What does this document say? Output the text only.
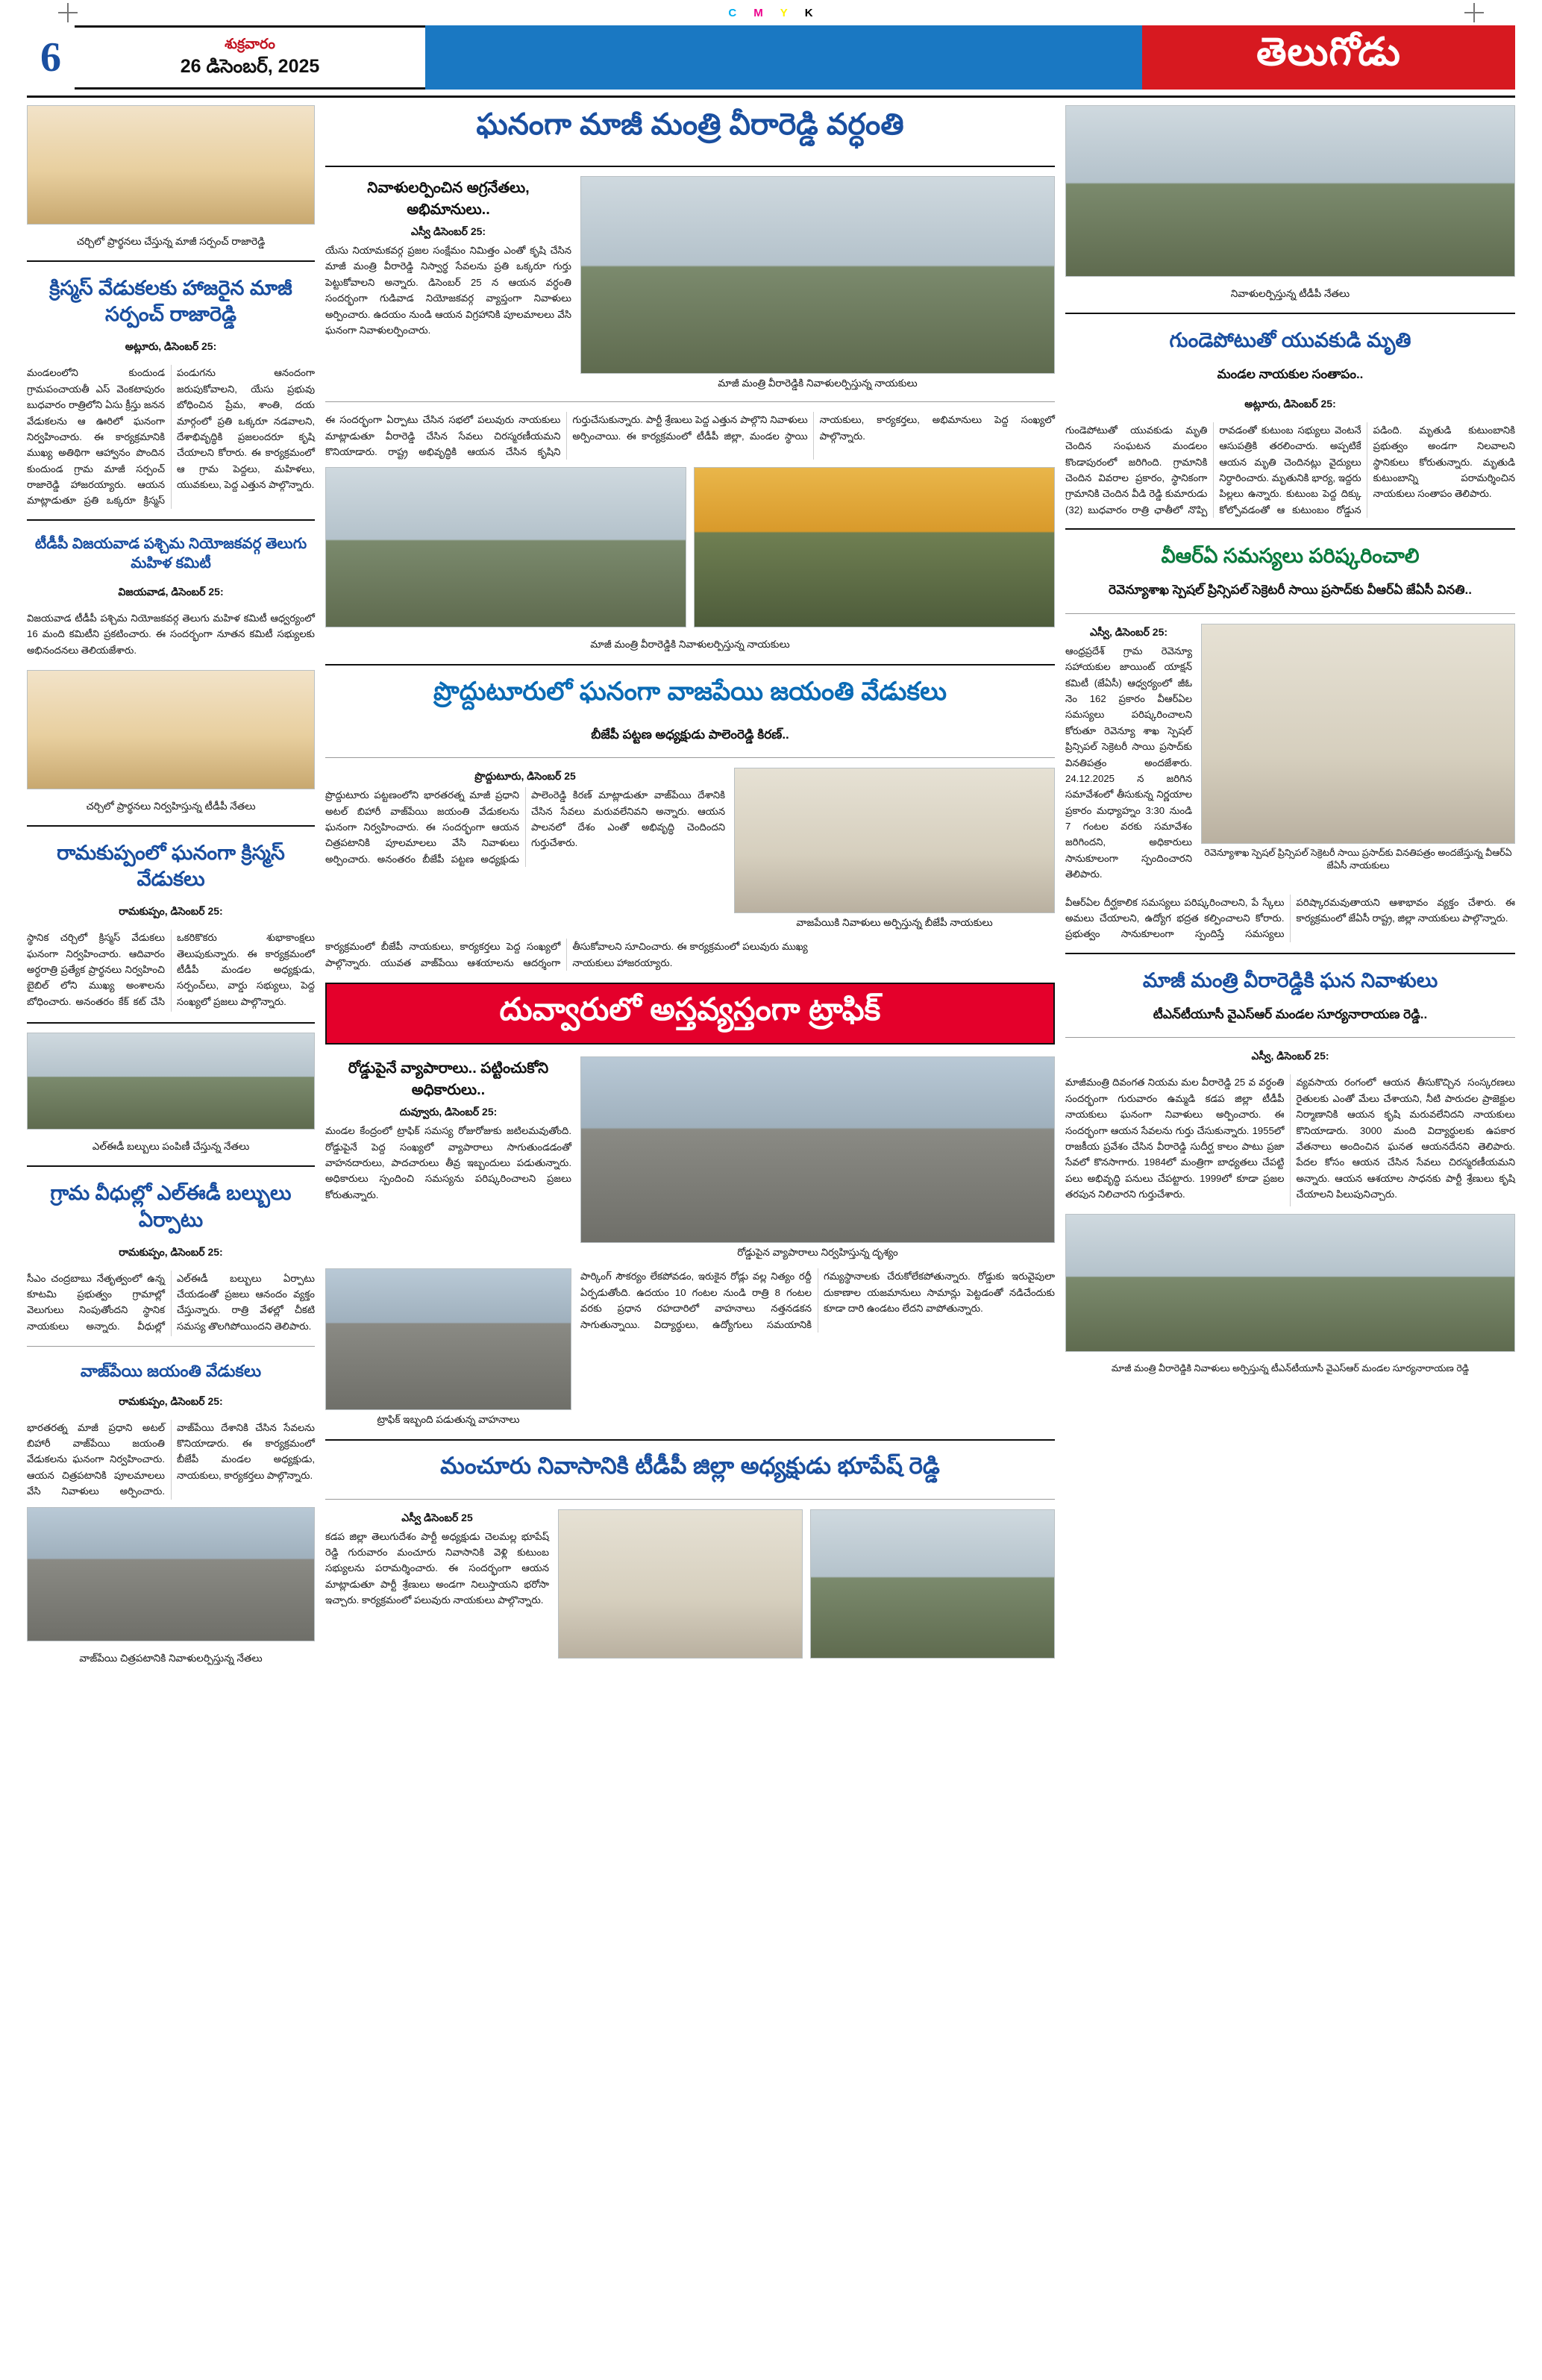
C M Y K
6	శుక్రవారం
26 డిసెంబర్, 2025	తెలుగోడు
చర్చిలో ప్రార్థనలు చేస్తున్న మాజీ సర్పంచ్ రాజారెడ్డి
క్రిస్మస్ వేడుకలకు హాజరైన మాజీ సర్పంచ్ రాజారెడ్డి
అట్లూరు, డిసెంబర్ 25:

మండలంలోని కుందుండ గ్రామపంచాయతీ ఎస్ వెంకటాపురం బుధవారం రాత్రిలోని ఏసు క్రీస్తు జనన వేడుకలను ఆ ఊరిలో ఘనంగా నిర్వహించారు. ఈ కార్యక్రమానికి ముఖ్య అతిథిగా ఆహ్వానం పొందిన కుందుండ గ్రామ మాజీ సర్పంచ్ రాజారెడ్డి హాజరయ్యారు. ఆయన మాట్లాడుతూ ప్రతి ఒక్కరూ క్రిస్మస్ పండుగను ఆనందంగా జరుపుకోవాలని, యేసు ప్రభువు బోధించిన ప్రేమ, శాంతి, దయ మార్గంలో ప్రతి ఒక్కరూ నడవాలని, దేశాభివృద్ధికి ప్రజలందరూ కృషి చేయాలని కోరారు. ఈ కార్యక్రమంలో ఆ గ్రామ పెద్దలు, మహిళలు, యువకులు, పెద్ద ఎత్తున పాల్గొన్నారు.

టీడీపీ విజయవాడ పశ్చిమ నియోజకవర్గ తెలుగు మహిళ కమిటీ
విజయవాడ, డిసెంబర్ 25:

విజయవాడ టీడీపీ పశ్చిమ నియోజకవర్గ తెలుగు మహిళ కమిటీ ఆధ్వర్యంలో 16 మంది కమిటీని ప్రకటించారు. ఈ సందర్భంగా నూతన కమిటీ సభ్యులకు అభినందనలు తెలియజేశారు.

చర్చిలో ప్రార్థనలు నిర్వహిస్తున్న టీడీపీ నేతలు
రామకుప్పంలో ఘనంగా క్రిస్మస్ వేడుకలు
రామకుప్పం, డిసెంబర్ 25:

స్థానిక చర్చిలో క్రిస్మస్ వేడుకలు ఘనంగా నిర్వహించారు. ఆదివారం అర్ధరాత్రి ప్రత్యేక ప్రార్థనలు నిర్వహించి బైబిల్ లోని ముఖ్య అంశాలను బోధించారు. అనంతరం కేక్ కట్ చేసి ఒకరికొకరు శుభాకాంక్షలు తెలుపుకున్నారు. ఈ కార్యక్రమంలో టీడీపీ మండల అధ్యక్షుడు, సర్పంచ్‌లు, వార్డు సభ్యులు, పెద్ద సంఖ్యలో ప్రజలు పాల్గొన్నారు.

ఎల్ఈడీ బల్బులు పంపిణీ చేస్తున్న నేతలు
గ్రామ వీధుల్లో ఎల్ఈడీ బల్బులు ఏర్పాటు
రామకుప్పం, డిసెంబర్ 25:

సీఎం చంద్రబాబు నేతృత్వంలో ఉన్న కూటమి ప్రభుత్వం గ్రామాల్లో వెలుగులు నింపుతోందని స్థానిక నాయకులు అన్నారు. వీధుల్లో ఎల్ఈడీ బల్బులు ఏర్పాటు చేయడంతో ప్రజలు ఆనందం వ్యక్తం చేస్తున్నారు. రాత్రి వేళల్లో చీకటి సమస్య తొలగిపోయిందని తెలిపారు.

వాజ్‌పేయి జయంతి వేడుకలు
రామకుప్పం, డిసెంబర్ 25:

భారతరత్న మాజీ ప్రధాని అటల్ బిహారీ వాజ్‌పేయి జయంతి వేడుకలను ఘనంగా నిర్వహించారు. ఆయన చిత్రపటానికి పూలమాలలు వేసి నివాళులు అర్పించారు. వాజ్‌పేయి దేశానికి చేసిన సేవలను కొనియాడారు. ఈ కార్యక్రమంలో బీజేపీ మండల అధ్యక్షుడు, నాయకులు, కార్యకర్తలు పాల్గొన్నారు.

వాజ్‌పేయి చిత్రపటానికి నివాళులర్పిస్తున్న నేతలు
ఘనంగా మాజీ మంత్రి వీరారెడ్డి వర్ధంతి
నివాళులర్పించిన అగ్రనేతలు, అభిమానులు..
ఎస్వీ డిసెంబర్ 25:

యేసు నియామకవర్గ ప్రజల సంక్షేమం నిమిత్తం ఎంతో కృషి చేసిన మాజీ మంత్రి వీరారెడ్డి నిస్వార్థ సేవలను ప్రతి ఒక్కరూ గుర్తు పెట్టుకోవాలని అన్నారు. డిసెంబర్ 25 న ఆయన వర్ధంతి సందర్భంగా గుడివాడ నియోజకవర్గ వ్యాప్తంగా నివాళులు అర్పించారు. ఉదయం నుండి ఆయన విగ్రహానికి పూలమాలలు వేసి ఘనంగా నివాళులర్పించారు.

మాజీ మంత్రి వీరారెడ్డికి నివాళులర్పిస్తున్న నాయకులు

ఈ సందర్భంగా ఏర్పాటు చేసిన సభలో పలువురు నాయకులు మాట్లాడుతూ వీరారెడ్డి చేసిన సేవలు చిరస్మరణీయమని కొనియాడారు. రాష్ట్ర అభివృద్ధికి ఆయన చేసిన కృషిని గుర్తుచేసుకున్నారు. పార్టీ శ్రేణులు పెద్ద ఎత్తున పాల్గొని నివాళులు అర్పించాయి. ఈ కార్యక్రమంలో టీడీపీ జిల్లా, మండల స్థాయి నాయకులు, కార్యకర్తలు, అభిమానులు పెద్ద సంఖ్యలో పాల్గొన్నారు.

మాజీ మంత్రి వీరారెడ్డికి నివాళులర్పిస్తున్న నాయకులు
ప్రొద్దుటూరులో ఘనంగా వాజపేయి జయంతి వేడుకలు
బీజేపీ పట్టణ అధ్యక్షుడు పాలెంరెడ్డి కిరణ్..
ప్రొద్దుటూరు, డిసెంబర్ 25

ప్రొద్దుటూరు పట్టణంలోని భారతరత్న మాజీ ప్రధాని అటల్ బిహారీ వాజ్‌పేయి జయంతి వేడుకలను ఘనంగా నిర్వహించారు. ఈ సందర్భంగా ఆయన చిత్రపటానికి పూలమాలలు వేసి నివాళులు అర్పించారు. అనంతరం బీజేపీ పట్టణ అధ్యక్షుడు పాలెంరెడ్డి కిరణ్ మాట్లాడుతూ వాజ్‌పేయి దేశానికి చేసిన సేవలు మరువలేనివని అన్నారు. ఆయన పాలనలో దేశం ఎంతో అభివృద్ధి చెందిందని గుర్తుచేశారు.

వాజపేయికి నివాళులు అర్పిస్తున్న బీజేపీ నాయకులు

కార్యక్రమంలో బీజేపీ నాయకులు, కార్యకర్తలు పెద్ద సంఖ్యలో పాల్గొన్నారు. యువత వాజ్‌పేయి ఆశయాలను ఆదర్శంగా తీసుకోవాలని సూచించారు. ఈ కార్యక్రమంలో పలువురు ముఖ్య నాయకులు హాజరయ్యారు.

దువ్వారులో అస్తవ్యస్తంగా ట్రాఫిక్
రోడ్డుపైనే వ్యాపారాలు.. పట్టించుకోని అధికారులు..
దువ్వూరు, డిసెంబర్ 25:

మండల కేంద్రంలో ట్రాఫిక్ సమస్య రోజురోజుకు జటిలమవుతోంది. రోడ్డుపైనే పెద్ద సంఖ్యలో వ్యాపారాలు సాగుతుండడంతో వాహనదారులు, పాదచారులు తీవ్ర ఇబ్బందులు పడుతున్నారు. అధికారులు స్పందించి సమస్యను పరిష్కరించాలని ప్రజలు కోరుతున్నారు.

రోడ్డుపైన వ్యాపారాలు నిర్వహిస్తున్న దృశ్యం
ట్రాఫిక్ ఇబ్బంది పడుతున్న వాహనాలు

పార్కింగ్ సౌకర్యం లేకపోవడం, ఇరుకైన రోడ్లు వల్ల నిత్యం రద్దీ ఏర్పడుతోంది. ఉదయం 10 గంటల నుండి రాత్రి 8 గంటల వరకు ప్రధాన రహదారిలో వాహనాలు నత్తనడకన సాగుతున్నాయి. విద్యార్థులు, ఉద్యోగులు సమయానికి గమ్యస్థానాలకు చేరుకోలేకపోతున్నారు. రోడ్డుకు ఇరువైపులా దుకాణాల యజమానులు సామాన్లు పెట్టడంతో నడిచేందుకు కూడా దారి ఉండటం లేదని వాపోతున్నారు.

మంచూరు నివాసానికి టీడీపీ జిల్లా అధ్యక్షుడు భూపేష్ రెడ్డి
ఎస్వీ డిసెంబర్ 25

కడప జిల్లా తెలుగుదేశం పార్టీ అధ్యక్షుడు చెలమల్ల భూపేష్ రెడ్డి గురువారం మంచూరు నివాసానికి వెళ్లి కుటుంబ సభ్యులను పరామర్శించారు. ఈ సందర్భంగా ఆయన మాట్లాడుతూ పార్టీ శ్రేణులు అండగా నిలుస్తాయని భరోసా ఇచ్చారు. కార్యక్రమంలో పలువురు నాయకులు పాల్గొన్నారు.

నివాళులర్పిస్తున్న టీడీపీ నేతలు
గుండెపోటుతో యువకుడి మృతి
మండల నాయకుల సంతాపం..
అట్లూరు, డిసెంబర్ 25:

గుండెపోటుతో యువకుడు మృతి చెందిన సంఘటన మండలం కొండాపురంలో జరిగింది. గ్రామానికి చెందిన వివరాల ప్రకారం, స్థానికంగా గ్రామానికి చెందిన వీడి రెడ్డి కుమారుడు (32) బుధవారం రాత్రి ఛాతీలో నొప్పి రావడంతో కుటుంబ సభ్యులు వెంటనే ఆసుపత్రికి తరలించారు. అప్పటికే ఆయన మృతి చెందినట్లు వైద్యులు నిర్ధారించారు. మృతునికి భార్య, ఇద్దరు పిల్లలు ఉన్నారు. కుటుంబ పెద్ద దిక్కు కోల్పోవడంతో ఆ కుటుంబం రోడ్డున పడింది. మృతుడి కుటుంబానికి ప్రభుత్వం అండగా నిలవాలని స్థానికులు కోరుతున్నారు. మృతుడి కుటుంబాన్ని పరామర్శించిన నాయకులు సంతాపం తెలిపారు.

వీఆర్ఏ సమస్యలు పరిష్కరించాలి
రెవెన్యూశాఖ స్పెషల్ ప్రిన్సిపల్ సెక్రెటరీ సాయి ప్రసాద్‌కు వీఆర్ఏ జేఏసీ వినతి..
ఎస్వీ, డిసెంబర్ 25:

ఆంధ్రప్రదేశ్ గ్రామ రెవెన్యూ సహాయకుల జాయింట్ యాక్షన్ కమిటీ (జేఏసీ) ఆధ్వర్యంలో జీఓ నెం 162 ప్రకారం వీఆర్ఏల సమస్యలు పరిష్కరించాలని కోరుతూ రెవెన్యూ శాఖ స్పెషల్ ప్రిన్సిపల్ సెక్రెటరీ సాయి ప్రసాద్‌కు వినతిపత్రం అందజేశారు. 24.12.2025 న జరిగిన సమావేశంలో తీసుకున్న నిర్ణయాల ప్రకారం మధ్యాహ్నం 3:30 నుండి 7 గంటల వరకు సమావేశం జరిగిందని, అధికారులు సానుకూలంగా స్పందించారని తెలిపారు.

రెవెన్యూశాఖ స్పెషల్ ప్రిన్సిపల్ సెక్రెటరీ సాయి ప్రసాద్‌కు వినతిపత్రం అందజేస్తున్న వీఆర్ఏ జేఏసీ నాయకులు

వీఆర్ఏల దీర్ఘకాలిక సమస్యలు పరిష్కరించాలని, పే స్కేలు అమలు చేయాలని, ఉద్యోగ భద్రత కల్పించాలని కోరారు. ప్రభుత్వం సానుకూలంగా స్పందిస్తే సమస్యలు పరిష్కారమవుతాయని ఆశాభావం వ్యక్తం చేశారు. ఈ కార్యక్రమంలో జేఏసీ రాష్ట్ర, జిల్లా నాయకులు పాల్గొన్నారు.

మాజీ మంత్రి వీరారెడ్డికి ఘన నివాళులు
టీఎన్‌టీయూసీ వైఎస్ఆర్ మండల సూర్యనారాయణ రెడ్డి..
ఎస్వీ, డిసెంబర్ 25:

మాజీమంత్రి దివంగత నియమ మల వీరారెడ్డి 25 వ వర్ధంతి సందర్భంగా గురువారం ఉమ్మడి కడప జిల్లా టీడీపీ నాయకులు ఘనంగా నివాళులు అర్పించారు. ఈ సందర్భంగా ఆయన సేవలను గుర్తు చేసుకున్నారు. 1955లో రాజకీయ ప్రవేశం చేసిన వీరారెడ్డి సుదీర్ఘ కాలం పాటు ప్రజా సేవలో కొనసాగారు. 1984లో మంత్రిగా బాధ్యతలు చేపట్టి పలు అభివృద్ధి పనులు చేపట్టారు. 1999లో కూడా ప్రజల తరపున నిలిచారని గుర్తుచేశారు.

వ్యవసాయ రంగంలో ఆయన తీసుకొచ్చిన సంస్కరణలు రైతులకు ఎంతో మేలు చేశాయని, నీటి పారుదల ప్రాజెక్టుల నిర్మాణానికి ఆయన కృషి మరువలేనిదని నాయకులు కొనియాడారు. 3000 మంది విద్యార్థులకు ఉపకార వేతనాలు అందించిన ఘనత ఆయనదేనని తెలిపారు. పేదల కోసం ఆయన చేసిన సేవలు చిరస్మరణీయమని అన్నారు. ఆయన ఆశయాల సాధనకు పార్టీ శ్రేణులు కృషి చేయాలని పిలుపునిచ్చారు.

మాజీ మంత్రి వీరారెడ్డికి నివాళులు అర్పిస్తున్న టీఎన్‌టీయూసీ వైఎస్ఆర్ మండల సూర్యనారాయణ రెడ్డి
